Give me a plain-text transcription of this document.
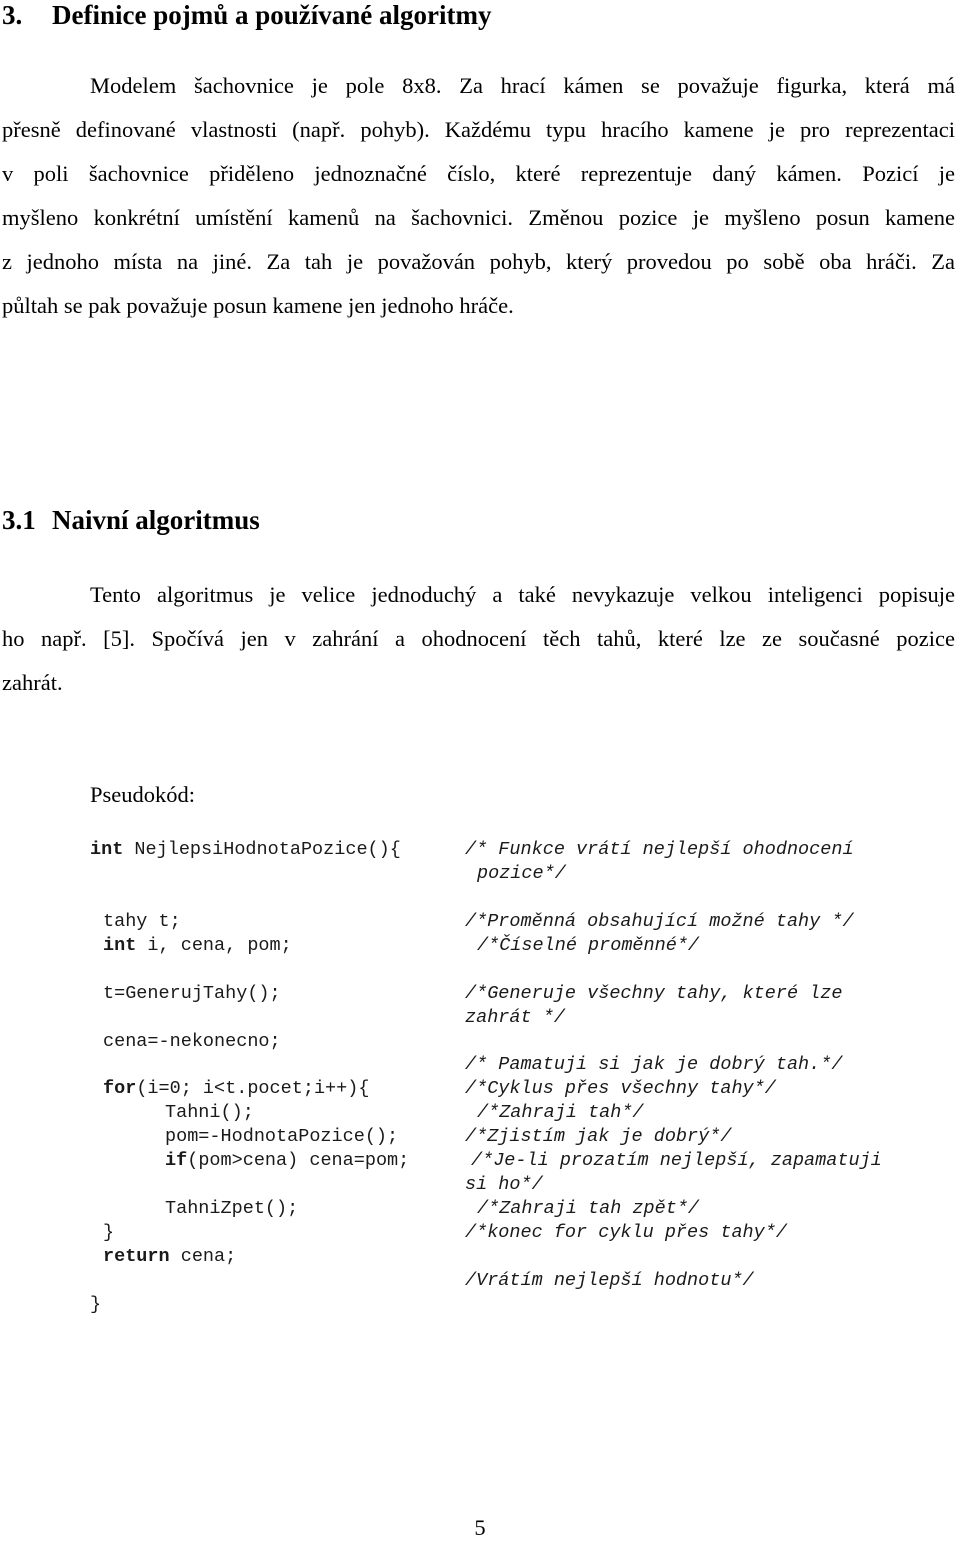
3. Definice pojmů a používané algoritmy
Modelem šachovnice je pole 8x8. Za hrací kámen se považuje figurka, která má
přesně definované vlastnosti (např. pohyb). Každému typu hracího kamene je pro reprezentaci
v poli šachovnice přiděleno jednoznačné číslo, které reprezentuje daný kámen. Pozicí je
myšleno konkrétní umístění kamenů na šachovnici. Změnou pozice je myšleno posun kamene
z jednoho místa na jiné. Za tah je považován pohyb, který provedou po sobě oba hráči. Za
půltah se pak považuje posun kamene jen jednoho hráče.
3.1 Naivní algoritmus
Tento algoritmus je velice jednoduchý a také nevykazuje velkou inteligenci popisuje
ho např. [5]. Spočívá jen v zahrání a ohodnocení těch tahů, které lze ze současné pozice
zahrát.
Pseudokód:
int NejlepsiHodnotaPozice(){
tahy t;
int i, cena, pom;
t=GenerujTahy();
cena=-nekonecno;
for(i=0; i<t.pocet;i++){
Tahni();
pom=-HodnotaPozice();
if(pom>cena) cena=pom;
TahniZpet();
}
return cena;
}
/* Funkce vrátí nejlepší ohodnocení
pozice*/
/*Proměnná obsahující možné tahy */
/*Číselné proměnné*/
/*Generuje všechny tahy, které lze
zahrát */
/* Pamatuji si jak je dobrý tah.*/
/*Cyklus přes všechny tahy*/
/*Zahraji tah*/
/*Zjistím jak je dobrý*/
/*Je-li prozatím nejlepší, zapamatuji
si ho*/
/*Zahraji tah zpět*/
/*konec for cyklu přes tahy*/
/Vrátím nejlepší hodnotu*/
5
